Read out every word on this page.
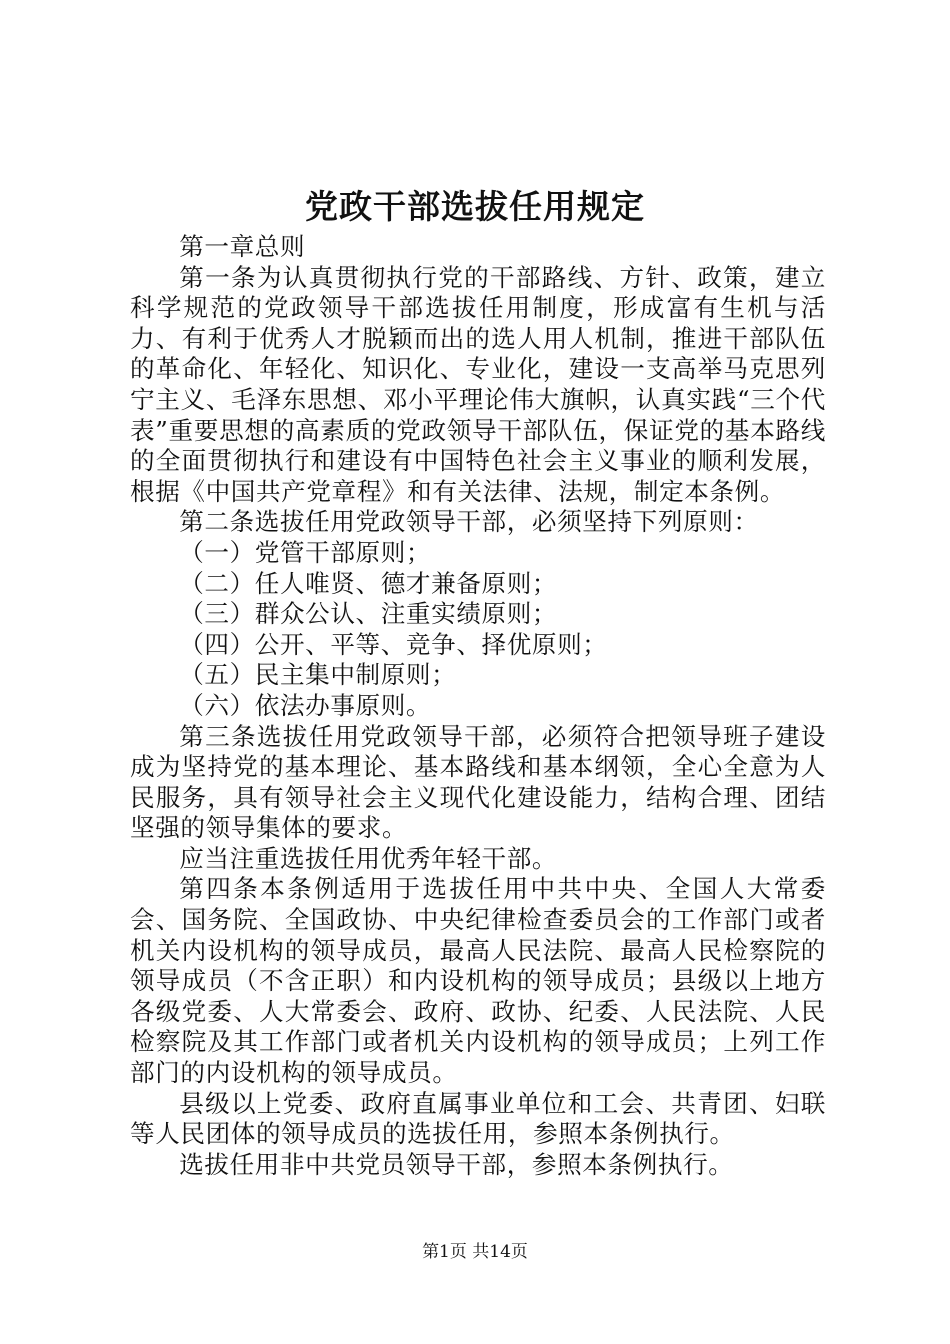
党政干部选拔任用规定

第一章总则

第一条为认真贯彻执行党的干部路线、方针、政策，建立科学规范的党政领导干部选拔任用制度，形成富有生机与活力、有利于优秀人才脱颖而出的选人用人机制，推进干部队伍的革命化、年轻化、知识化、专业化，建设一支高举马克思列宁主义、毛泽东思想、邓小平理论伟大旗帜，认真实践“三个代表”重要思想的高素质的党政领导干部队伍，保证党的基本路线的全面贯彻执行和建设有中国特色社会主义事业的顺利发展，根据《中国共产党章程》和有关法律、法规，制定本条例。

第二条选拔任用党政领导干部，必须坚持下列原则：

（一）党管干部原则；

（二）任人唯贤、德才兼备原则；

（三）群众公认、注重实绩原则；

（四）公开、平等、竞争、择优原则；

（五）民主集中制原则；

（六）依法办事原则。

第三条选拔任用党政领导干部，必须符合把领导班子建设成为坚持党的基本理论、基本路线和基本纲领，全心全意为人民服务，具有领导社会主义现代化建设能力，结构合理、团结坚强的领导集体的要求。

应当注重选拔任用优秀年轻干部。

第四条本条例适用于选拔任用中共中央、全国人大常委会、国务院、全国政协、中央纪律检查委员会的工作部门或者机关内设机构的领导成员，最高人民法院、最高人民检察院的领导成员（不含正职）和内设机构的领导成员；县级以上地方各级党委、人大常委会、政府、政协、纪委、人民法院、人民检察院及其工作部门或者机关内设机构的领导成员；上列工作部门的内设机构的领导成员。

县级以上党委、政府直属事业单位和工会、共青团、妇联等人民团体的领导成员的选拔任用，参照本条例执行。

选拔任用非中共党员领导干部，参照本条例执行。

第1页 共14页
